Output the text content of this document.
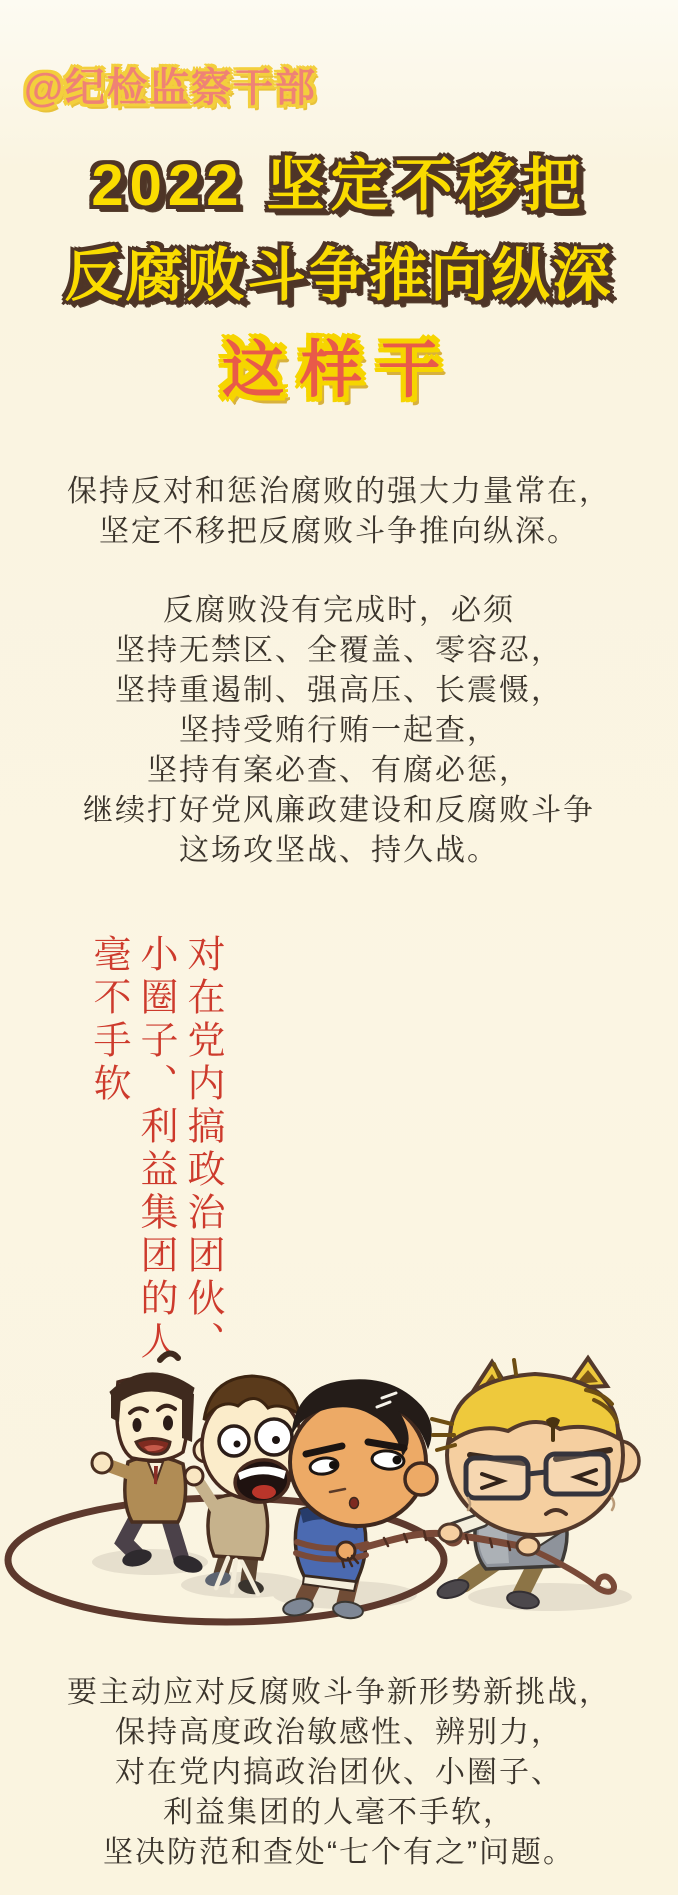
@纪检监察干部
2022 坚定不移把
反腐败斗争推向纵深
这样干
保持反对和惩治腐败的强大力量常在，
坚定不移把反腐败斗争推向纵深。
反腐败没有完成时，必须
坚持无禁区、全覆盖、零容忍，
坚持重遏制、强高压、长震慑，
坚持受贿行贿一起查，
坚持有案必查、有腐必惩，
继续打好党风廉政建设和反腐败斗争
这场攻坚战、持久战。
对在党内搞政治团伙、
小圈子、利益集团的人
毫不手软
要主动应对反腐败斗争新形势新挑战，
保持高度政治敏感性、辨别力，
对在党内搞政治团伙、小圈子、
利益集团的人毫不手软，
坚决防范和查处“七个有之”问题。
